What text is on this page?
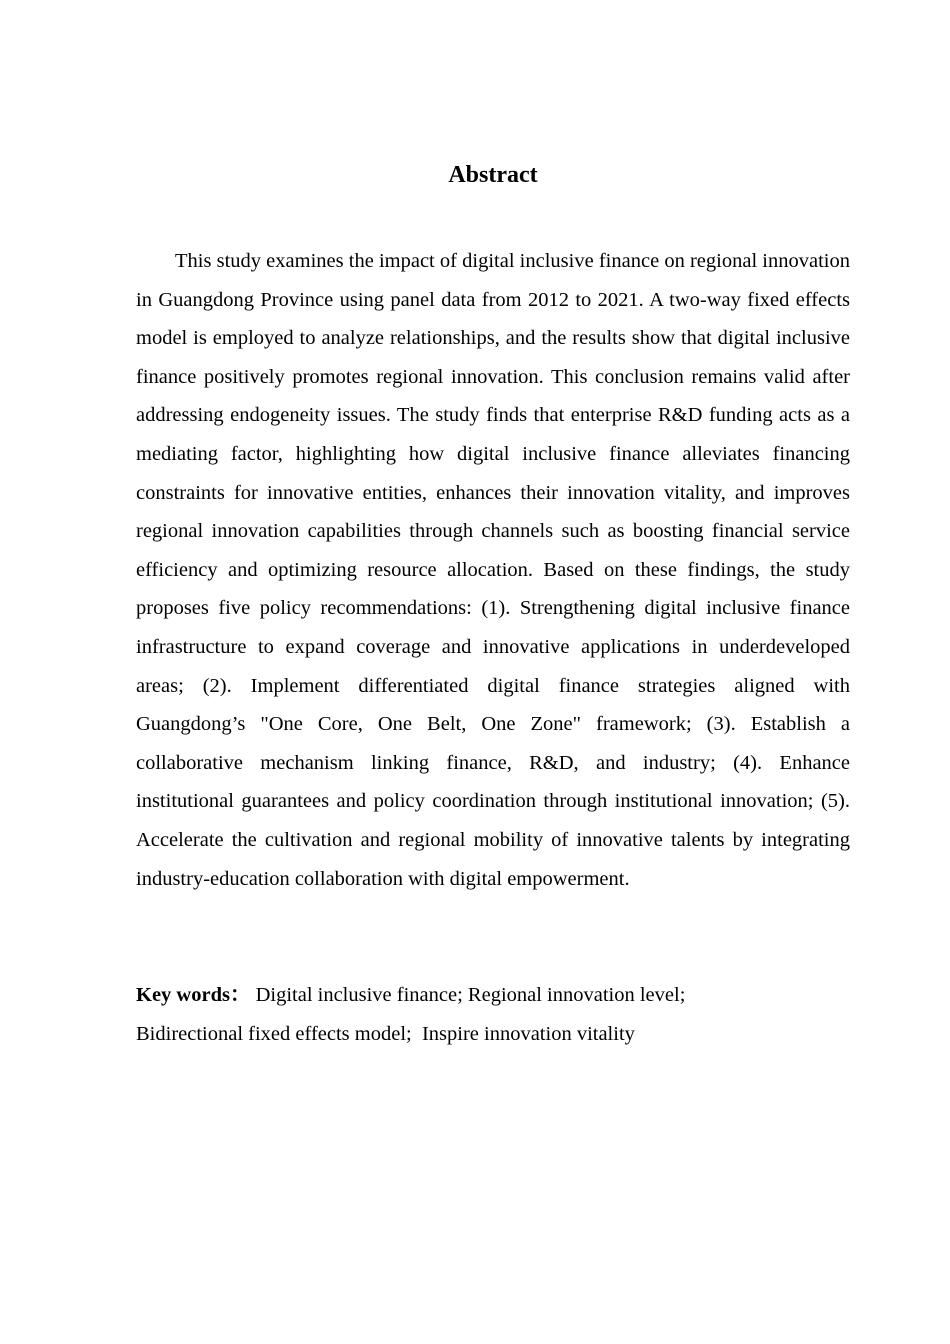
Abstract

This study examines the impact of digital inclusive finance on regional innovation in Guangdong Province using panel data from 2012 to 2021. A two-way fixed effects model is employed to analyze relationships, and the results show that digital inclusive finance positively promotes regional innovation. This conclusion remains valid after addressing endogeneity issues. The study finds that enterprise R&D funding acts as a mediating factor, highlighting how digital inclusive finance alleviates financing constraints for innovative entities, enhances their innovation vitality, and improves regional innovation capabilities through channels such as boosting financial service efficiency and optimizing resource allocation. Based on these findings, the study proposes five policy recommendations: (1). Strengthening digital inclusive finance infrastructure to expand coverage and innovative applications in underdeveloped areas; (2). Implement differentiated digital finance strategies aligned with Guangdong’s "One Core, One Belt, One Zone" framework; (3). Establish a collaborative mechanism linking finance, R&D, and industry; (4). Enhance institutional guarantees and policy coordination through institutional innovation; (5). Accelerate the cultivation and regional mobility of innovative talents by integrating industry-education collaboration with digital empowerment.

Key words： Digital inclusive finance; Regional innovation level;
Bidirectional fixed effects model;  Inspire innovation vitality
